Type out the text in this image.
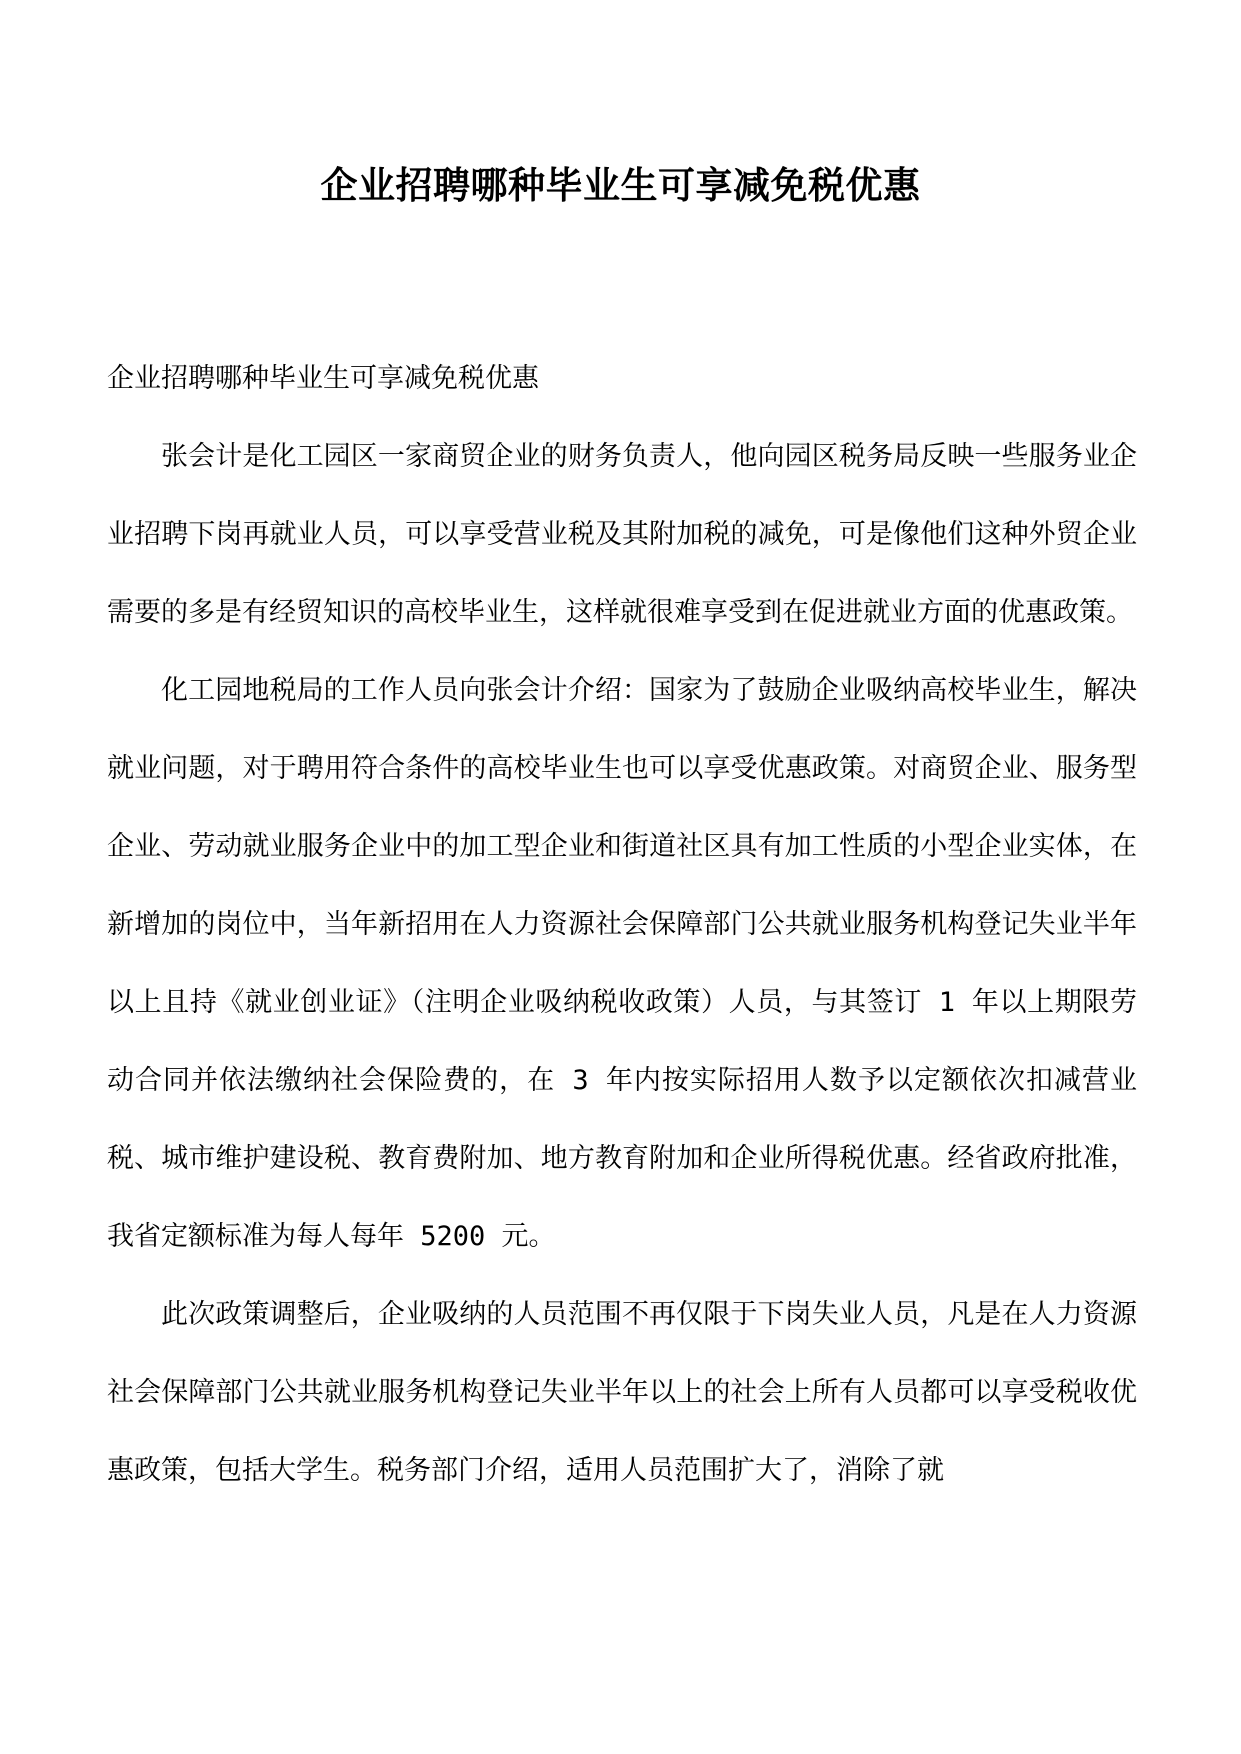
企业招聘哪种毕业生可享减免税优惠

企业招聘哪种毕业生可享减免税优惠

张会计是化工园区一家商贸企业的财务负责人，他向园区税务局反映一些服务业企业招聘下岗再就业人员，可以享受营业税及其附加税的减免，可是像他们这种外贸企业需要的多是有经贸知识的高校毕业生，这样就很难享受到在促进就业方面的优惠政策。

化工园地税局的工作人员向张会计介绍：国家为了鼓励企业吸纳高校毕业生，解决就业问题，对于聘用符合条件的高校毕业生也可以享受优惠政策。对商贸企业、服务型企业、劳动就业服务企业中的加工型企业和街道社区具有加工性质的小型企业实体，在新增加的岗位中，当年新招用在人力资源社会保障部门公共就业服务机构登记失业半年以上且持《就业创业证》（注明企业吸纳税收政策）人员，与其签订 1 年以上期限劳动合同并依法缴纳社会保险费的，在 3 年内按实际招用人数予以定额依次扣减营业税、城市维护建设税、教育费附加、地方教育附加和企业所得税优惠。经省政府批准，我省定额标准为每人每年 5200 元。

此次政策调整后，企业吸纳的人员范围不再仅限于下岗失业人员，凡是在人力资源社会保障部门公共就业服务机构登记失业半年以上的社会上所有人员都可以享受税收优惠政策，包括大学生。税务部门介绍，适用人员范围扩大了，消除了就
